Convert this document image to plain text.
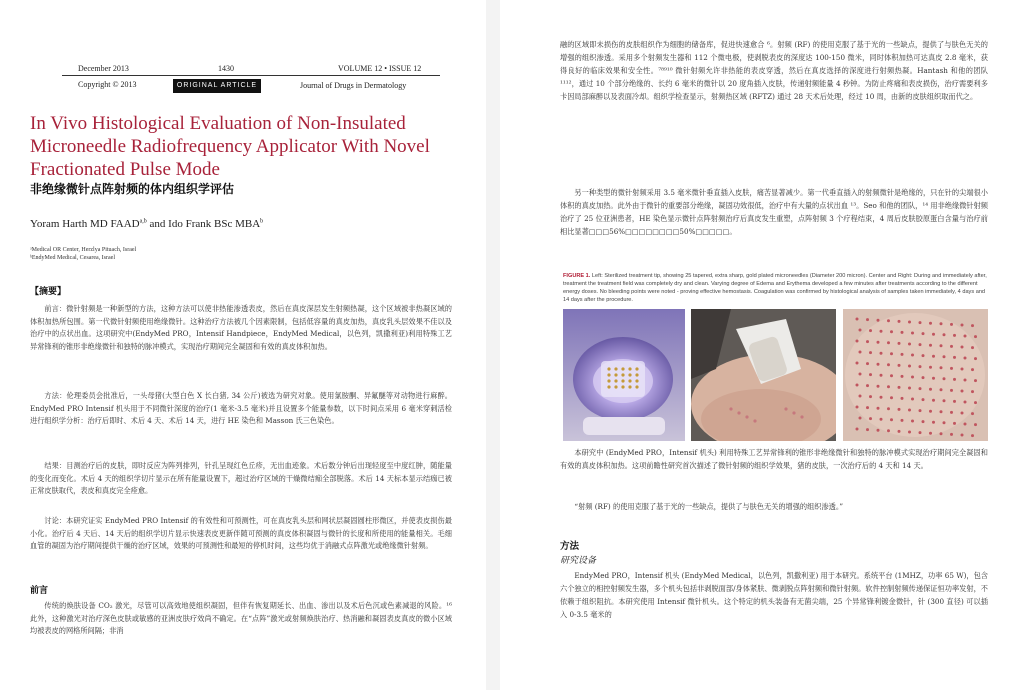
December 2013	1430	VOLUME 12 • ISSUE 12
Copyright © 2013	ORIGINAL ARTICLE	Journal of Drugs in Dermatology
In Vivo Histological Evaluation of Non-Insulated Microneedle Radiofrequency Applicator With Novel Fractionated Pulse Mode
非绝缘微针点阵射频的体内组织学评估
Yoram Harth MD FAAD$^{a,b}$ and Ido Frank BSc MBA$^b$
ᵃMedical OR Center, Herzlya Pituach, Israel
ᵇEndyMed Medical, Cesarea, Israel
【摘要】
前言：微针射频是一种新型的方法，这种方法可以使非热能渗透表皮，然后在真皮深层发生射频热凝，这个区域被非热凝区域的体积加热所包围。第一代微针射频使用绝缘微针。这种治疗方法被几个因素限制，包括低容量的真皮加热，真皮乳头层效果不佳以及治疗中的点状出血。这项研究中(EndyMed PRO，Intensif Handpiece，EndyMed Medical，以色列，凯撒利亚)利用特殊工艺异常锋利的锥形非绝缘微针和独特的脉冲模式，实现治疗期间完全凝固和有效的真皮体积加热。
方法：伦理委员会批准后，一头母猪(大型白色 X 长白猪, 34 公斤)被选为研究对象。使用氯胺酮、异氟醚等对动物进行麻醉。EndyMed PRO Intensif 机头用于不同微针深度的治疗(1 毫米-3.5 毫米)并且设置多个能量参数，以下时间点采用 6 毫米穿刺活检进行组织学分析：治疗后即时、术后 4 天、术后 14 天，进行 HE 染色和 Masson 氏三色染色。
结果：目测治疗后的皮肤，即时反应为阵列排列，针孔呈现红色丘疹，无出血迹象。术后数分钟后出现轻度至中度红肿，随能量的变化而变化。术后 4 天的组织学切片显示在所有能量设置下，超过治疗区域的干燥微结痂全部脱落。术后 14 天标本显示结痂已被正常皮肤取代，表皮和真皮完全痊愈。
讨论：本研究证实 EndyMed PRO Intensif 的有效性和可预测性，可在真皮乳头层和网状层凝固圆柱形微区，并使表皮损伤最小化。治疗后 4 天后、14 天后的组织学切片显示快速表皮更新伴随可预测的真皮体积凝固与微针的长度和所使用的能量相关。毛细血管的凝固为治疗期间提供干燥的治疗区域，效果的可预测性和最短的停机时间，这些均优于消融式点阵激光或绝缘微针射频。
前言
传统的焕肤设备 CO₂ 激光，尽管可以高效地使组织凝固，但伴有恢复期延长、出血、渗出以及术后色沉或色素减退的风险。¹⁶ 此外，这种激光对治疗深色皮肤或敏感的亚洲皮肤疗效尚不确定。在“点阵”激光或射频焕肤治疗、热消融和凝固表皮真皮的微小区域均被表皮的网格所间隔；非消
融的区域即未损伤的皮肤组织作为细胞的储备库，促进快速愈合 ⁶。射频 (RF) 的使用克服了基于光的一些缺点，提供了与肤色无关的增强的组织渗透。采用多个射频发生器和 112 个微电极，使剥脱表皮的深度达 100-150 微米，同时体积加热可达真皮 2.8 毫米，获得良好的临床效果和安全性。⁷⁸⁹¹⁰ 微针射频允许非热能的表皮穿透，然后在真皮选择的深度进行射频热凝。Hantash 和他的团队 ¹¹¹²，通过 10 个部分绝缘的、长约 6 毫米的微针以 20 度角插入皮肤，传递射频能量 4 秒钟。为防止疼痛和表皮损伤，治疗需要利多卡因局部麻醉以及表面冷却。组织学检查显示，射频热区域 (RFTZ) 通过 28 天术后处理，经过 10 周，由新的皮肤组织取而代之。
另一种类型的微针射频采用 3.5 毫米微针垂直插入皮肤，痛苦显著减少。第一代垂直插入的射频微针是绝缘的，只在针的尖端很小体积的真皮加热。此外由于微针的重要部分绝缘，凝固功效很低，治疗中有大量的点状出血 ¹³。Seo 和他的团队，¹⁴ 用非绝缘微针射频治疗了 25 位亚洲患者，HE 染色显示微针点阵射频治疗后真皮发生重塑，点阵射频 3 个疗程结束，4 周后皮肤胶原蛋白含量与治疗前相比显著□□□56%□□□□□□□□50%□□□□□。
FIGURE 1. Left: Sterilized treatment tip, showing 25 tapered, extra sharp, gold plated microneedles (Diameter 200 micron). Center and Right: During and immediately after, treatment the treatment field was completely dry and clean. Varying degree of Edema and Erythema developed a few minutes after treatments according to the different energy doses. No bleeding points were noted - proving effective hemostasis. Coagulation was confirmed by histological analysis of samples taken immediately, 4 days and 14 days after the procedure.
本研究中 (EndyMed PRO，Intensif 机头) 利用特殊工艺异常锋利的锥形非绝缘微针和独特的脉冲模式实现治疗期间完全凝固和有效的真皮体积加热。这项前瞻性研究首次描述了微针射频的组织学效果，猪的皮肤，一次治疗后的 4 天和 14 天。
“射频 (RF) 的使用克服了基于光的一些缺点，提供了与肤色无关的增强的组织渗透。”
方法
研究设备
EndyMed PRO，Intensif 机头 (EndyMed Medical，以色列，凯撒利亚) 用于本研究。系统平台 (1MHZ，功率 65 W)，包含六个独立的相控射频发生器，多个机头包括非剥脱面部/身体紧肤、微剥脱点阵射频和微针射频。软件控制射频传递保证恒功率发射，不依赖于组织阻抗。本研究使用 Intensif 微针机头。这个特定的机头装备有无菌尖端，25 个异常锋利镀金微针，针 (300 直径) 可以插入 0-3.5 毫米的
